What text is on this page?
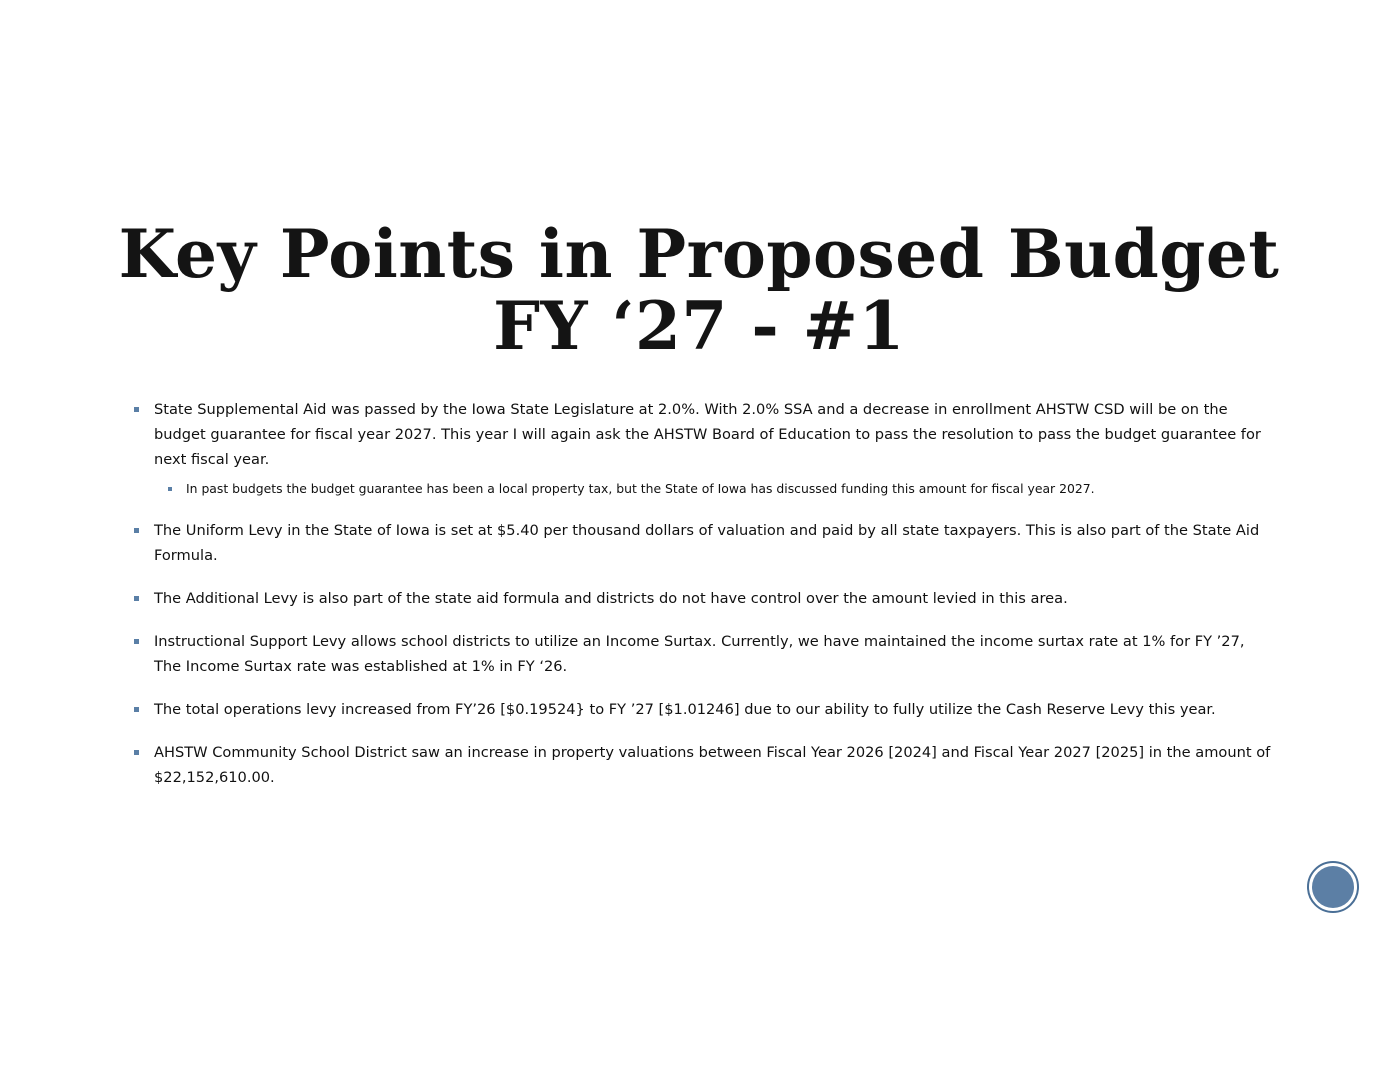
Key Points in Proposed Budget
FY ‘27 - #1
State Supplemental Aid was passed by the Iowa State Legislature at 2.0%. With 2.0% SSA and a decrease in enrollment AHSTW CSD will be on the budget guarantee for fiscal year 2027. This year I will again ask the AHSTW Board of Education to pass the resolution to pass the budget guarantee for next fiscal year.
In past budgets the budget guarantee has been a local property tax, but the State of Iowa has discussed funding this amount for fiscal year 2027.
The Uniform Levy in the State of Iowa is set at $5.40 per thousand dollars of valuation and paid by all state taxpayers. This is also part of the State Aid Formula.
The Additional Levy is also part of the state aid formula and districts do not have control over the amount levied in this area.
Instructional Support Levy allows school districts to utilize an Income Surtax. Currently, we have maintained the income surtax rate at 1% for FY ’27, The Income Surtax rate was established at 1% in FY ‘26.
The total operations levy increased from FY’26 [$0.19524} to FY ’27 [$1.01246] due to our ability to fully utilize the Cash Reserve Levy this year.
AHSTW Community School District saw an increase in property valuations between Fiscal Year 2026 [2024] and Fiscal Year 2027 [2025] in the amount of $22,152,610.00.
